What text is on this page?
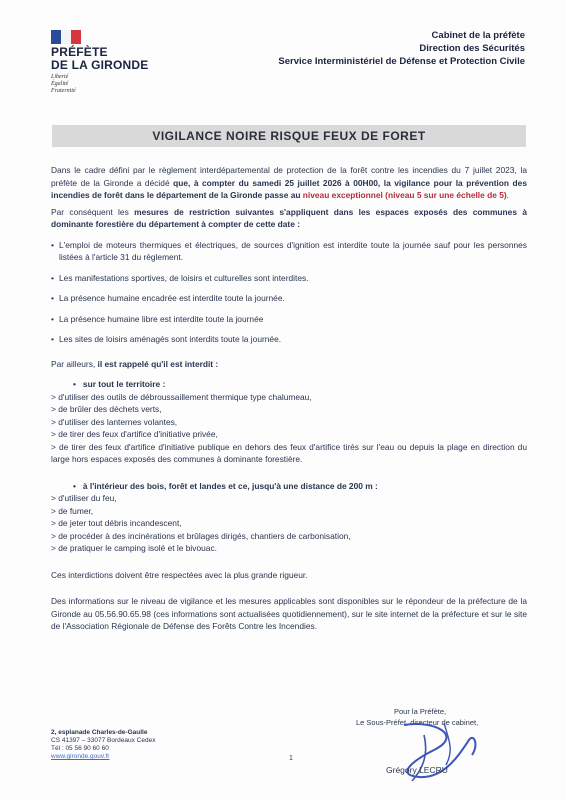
PRÉFÈTE
DE LA GIRONDE
Liberté
Égalité
Fraternité
Cabinet de la préfète
Direction des Sécurités
Service Interministériel de Défense et Protection Civile
VIGILANCE NOIRE RISQUE FEUX DE FORET

Dans le cadre défini par le règlement interdépartemental de protection de la forêt contre les incendies du 7 juillet 2023, la préfète de la Gironde a décidé que, à compter du samedi 25 juillet 2026 à 00H00, la vigilance pour la prévention des incendies de forêt dans le département de la Gironde passe au niveau exceptionnel (niveau 5 sur une échelle de 5).

Par conséquent les mesures de restriction suivantes s'appliquent dans les espaces exposés des communes à dominante forestière du département à compter de cette date :

• L'emploi de moteurs thermiques et électriques, de sources d'ignition est interdite toute la journée sauf pour les personnes listées à l'article 31 du règlement.
• Les manifestations sportives, de loisirs et culturelles sont interdites.
• La présence humaine encadrée est interdite toute la journée.
• La présence humaine libre est interdite toute la journée
• Les sites de loisirs aménagés sont interdits toute la journée.

Par ailleurs, il est rappelé qu'il est interdit :

•   sur tout le territoire :
> d'utiliser des outils de débroussaillement thermique type chalumeau,
> de brûler des déchets verts,
> d'utiliser des lanternes volantes,
> de tirer des feux d'artifice d'initiative privée,
> de tirer des feux d'artifice d'initiative publique en dehors des feux d'artifice tirés sur l'eau ou depuis la plage en direction du large hors espaces exposés des communes à dominante forestière.
•   à l'intérieur des bois, forêt et landes et ce, jusqu'à une distance de 200 m :
> d'utiliser du feu,
> de fumer,
> de jeter tout débris incandescent,
> de procéder à des incinérations et brûlages dirigés, chantiers de carbonisation,
> de pratiquer le camping isolé et le bivouac.

Ces interdictions doivent être respectées avec la plus grande rigueur.

Des informations sur le niveau de vigilance et les mesures applicables sont disponibles sur le répondeur de la préfecture de la Gironde au 05.56.90.65.98 (ces informations sont actualisées quotidiennement), sur le site internet de la préfecture et sur le site de l'Association Régionale de Défense des Forêts Contre les Incendies.

2, esplanade Charles-de-Gaulle
CS 41397 – 33077 Bordeaux Cedex
Tél : 05 56 90 60 60
www.gironde.gouv.fr	1
Pour la Préfète,
Le Sous-Préfet, directeur de cabinet,
Grégory LECRU
